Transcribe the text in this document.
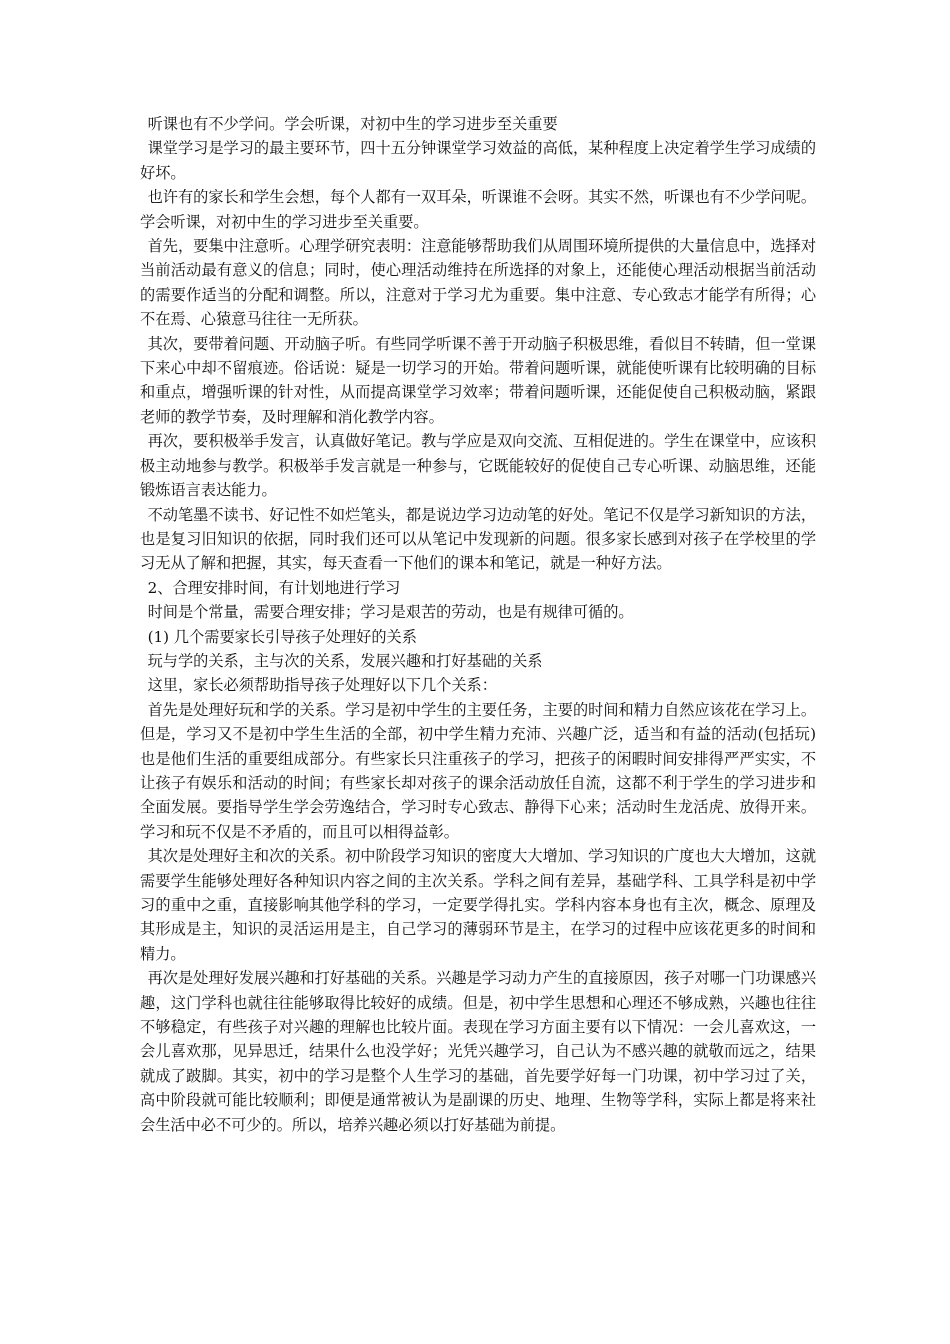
听课也有不少学问。学会听课，对初中生的学习进步至关重要

课堂学习是学习的最主要环节，四十五分钟课堂学习效益的高低，某种程度上决定着学生学习成绩的好坏。

也许有的家长和学生会想，每个人都有一双耳朵，听课谁不会呀。其实不然，听课也有不少学问呢。学会听课，对初中生的学习进步至关重要。

首先，要集中注意听。心理学研究表明：注意能够帮助我们从周围环境所提供的大量信息中，选择对当前活动最有意义的信息；同时，使心理活动维持在所选择的对象上，还能使心理活动根据当前活动的需要作适当的分配和调整。所以，注意对于学习尤为重要。集中注意、专心致志才能学有所得；心不在焉、心猿意马往往一无所获。

其次，要带着问题、开动脑子听。有些同学听课不善于开动脑子积极思维，看似目不转睛，但一堂课下来心中却不留痕迹。俗话说：疑是一切学习的开始。带着问题听课，就能使听课有比较明确的目标和重点，增强听课的针对性，从而提高课堂学习效率；带着问题听课，还能促使自己积极动脑，紧跟老师的教学节奏，及时理解和消化教学内容。

再次，要积极举手发言，认真做好笔记。教与学应是双向交流、互相促进的。学生在课堂中，应该积极主动地参与教学。积极举手发言就是一种参与，它既能较好的促使自己专心听课、动脑思维，还能锻炼语言表达能力。

不动笔墨不读书、好记性不如烂笔头，都是说边学习边动笔的好处。笔记不仅是学习新知识的方法，也是复习旧知识的依据，同时我们还可以从笔记中发现新的问题。很多家长感到对孩子在学校里的学习无从了解和把握，其实，每天查看一下他们的课本和笔记，就是一种好方法。

2、合理安排时间，有计划地进行学习

时间是个常量，需要合理安排；学习是艰苦的劳动，也是有规律可循的。

(1) 几个需要家长引导孩子处理好的关系

玩与学的关系，主与次的关系，发展兴趣和打好基础的关系

这里，家长必须帮助指导孩子处理好以下几个关系：

首先是处理好玩和学的关系。学习是初中学生的主要任务，主要的时间和精力自然应该花在学习上。但是，学习又不是初中学生生活的全部，初中学生精力充沛、兴趣广泛，适当和有益的活动(包括玩)也是他们生活的重要组成部分。有些家长只注重孩子的学习，把孩子的闲暇时间安排得严严实实，不让孩子有娱乐和活动的时间；有些家长却对孩子的课余活动放任自流，这都不利于学生的学习进步和全面发展。要指导学生学会劳逸结合，学习时专心致志、静得下心来；活动时生龙活虎、放得开来。学习和玩不仅是不矛盾的，而且可以相得益彰。

其次是处理好主和次的关系。初中阶段学习知识的密度大大增加、学习知识的广度也大大增加，这就需要学生能够处理好各种知识内容之间的主次关系。学科之间有差异，基础学科、工具学科是初中学习的重中之重，直接影响其他学科的学习，一定要学得扎实。学科内容本身也有主次，概念、原理及其形成是主，知识的灵活运用是主，自己学习的薄弱环节是主，在学习的过程中应该花更多的时间和精力。

再次是处理好发展兴趣和打好基础的关系。兴趣是学习动力产生的直接原因，孩子对哪一门功课感兴趣，这门学科也就往往能够取得比较好的成绩。但是，初中学生思想和心理还不够成熟，兴趣也往往不够稳定，有些孩子对兴趣的理解也比较片面。表现在学习方面主要有以下情况：一会儿喜欢这，一会儿喜欢那，见异思迁，结果什么也没学好；光凭兴趣学习，自己认为不感兴趣的就敬而远之，结果就成了跛脚。其实，初中的学习是整个人生学习的基础，首先要学好每一门功课，初中学习过了关，高中阶段就可能比较顺利；即便是通常被认为是副课的历史、地理、生物等学科，实际上都是将来社会生活中必不可少的。所以，培养兴趣必须以打好基础为前提。
